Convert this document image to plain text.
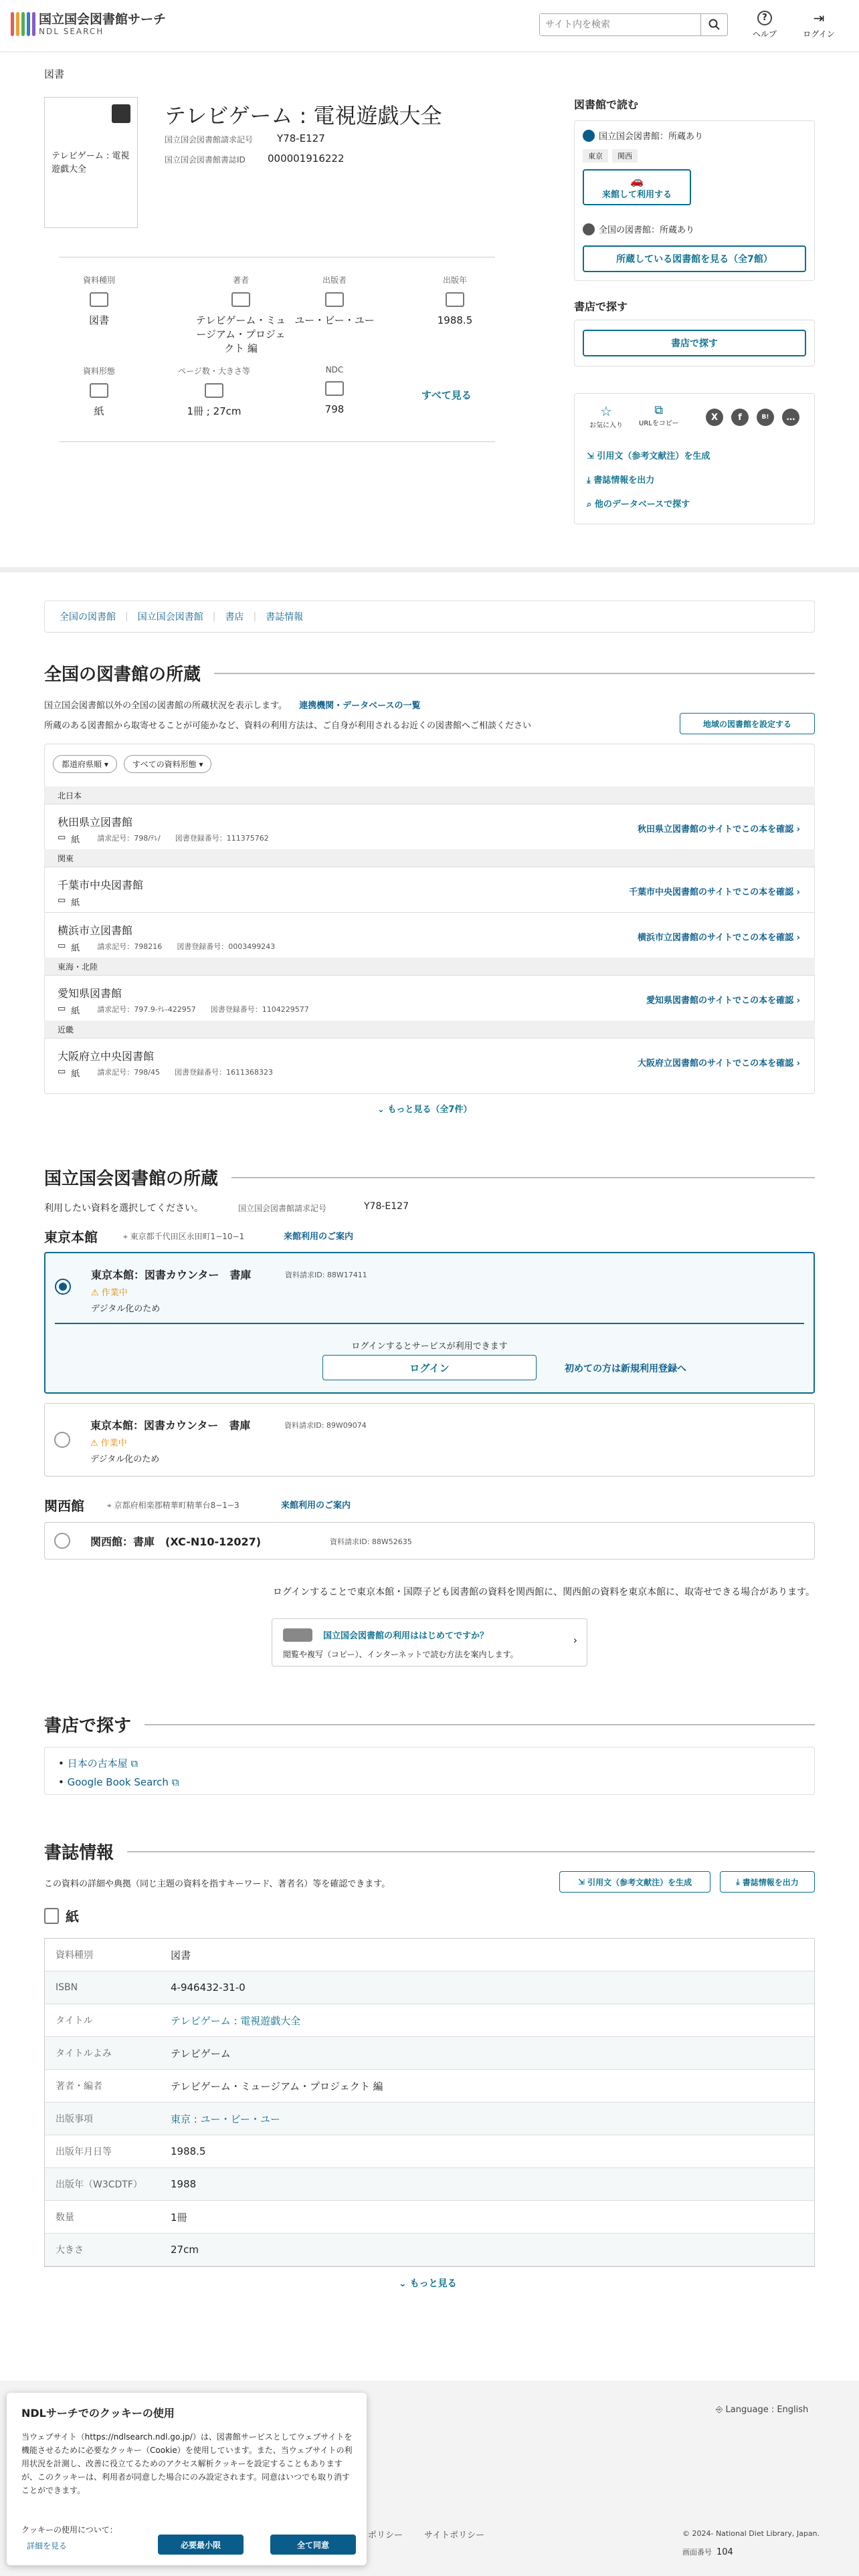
国立国会図書館サーチ
NDL SEARCH
サイト内を検索
?
ヘルプ
⇥
ログイン
図書
テレビゲーム : 電視遊戯大全
テレビゲーム : 電視遊戯大全
国立国会図書館請求記号 Y78-E127
国立国会図書館書誌ID 000001916222
資料種別
図書
著者
テレビゲーム・ミュージアム・プロジェクト 編
出版者
ユー・ビー・ユー
出版年
1988.5
資料形態
紙
ページ数・大きさ等
1冊 ; 27cm
NDC
798
すべて見る
図書館で読む
国立国会図書館：所蔵あり
東京	関西
🚗
来館して利用する
全国の図書館：所蔵あり
所蔵している図書館を見る（全7館）
書店で探す
書店で探す
☆
お気に入り
⧉
URLをコピー
X	f	B!	…
⇲ 引用文（参考文献注）を生成
⤓ 書誌情報を出力
⌕ 他のデータベースで探す
全国の図書館 | 国立国会図書館 | 書店 | 書誌情報
全国の図書館の所蔵
国立国会図書館以外の全国の図書館の所蔵状況を表示します。 連携機関・データベースの一覧
所蔵のある図書館から取寄せることが可能かなど、資料の利用方法は、ご自身が利用されるお近くの図書館へご相談ください	地域の図書館を設定する
都道府県順 ▾	すべての資料形態 ▾
北日本
秋田県立図書館
▭ 紙 請求記号：798/ﾃﾚ/ 図書登録番号：111375762
秋田県立図書館のサイトでこの本を確認 ›
関東
千葉市中央図書館
▭ 紙
千葉市中央図書館のサイトでこの本を確認 ›
横浜市立図書館
▭ 紙 請求記号：798216 図書登録番号：0003499243
横浜市立図書館のサイトでこの本を確認 ›
東海・北陸
愛知県図書館
▭ 紙 請求記号：797.9-ﾃﾚ-422957 図書登録番号：1104229577
愛知県図書館のサイトでこの本を確認 ›
近畿
大阪府立中央図書館
▭ 紙 請求記号：798/45 図書登録番号：1611368323
大阪府立図書館のサイトでこの本を確認 ›
⌄ もっと見る（全7件）
国立国会図書館の所蔵
利用したい資料を選択してください。	国立国会図書館請求記号	Y78-E127
東京本館	⌖ 東京都千代田区永田町1−10−1	来館利用のご案内
東京本館：図書カウンター　書庫	資料請求ID: 88W17411
⚠ 作業中
デジタル化のため
ログインするとサービスが利用できます
ログイン	初めての方は新規利用登録へ
東京本館：図書カウンター　書庫	資料請求ID: 89W09074
⚠ 作業中
デジタル化のため
関西館	⌖ 京都府相楽郡精華町精華台8−1−3	来館利用のご案内
関西館：書庫　(XC-N10-12027)	資料請求ID: 88W52635
ログインすることで東京本館・国際子ども図書館の資料を関西館に、関西館の資料を東京本館に、取寄せできる場合があります。
国立国会図書館の利用ははじめてですか？
閲覧や複写（コピー）、インターネットで読む方法を案内します。
›
書店で探す
• 日本の古本屋 ⧉
• Google Book Search ⧉
書誌情報
この資料の詳細や典拠（同じ主題の資料を指すキーワード、著者名）等を確認できます。	⇲ 引用文（参考文献注）を生成	⤓ 書誌情報を出力
紙
資料種別	図書
ISBN	4-946432-31-0
タイトル	テレビゲーム : 電視遊戯大全
タイトルよみ	テレビゲーム
著者・編者	テレビゲーム・ミュージアム・プロジェクト 編
出版事項	東京 : ユー・ビー・ユー
出版年月日等	1988.5
出版年（W3CDTF）	1988
数量	1冊
大きさ	27cm
⌄ もっと見る
⎆ Language : English
ポリシー サイトポリシー	© 2024- National Diet Library, Japan.
画面番号 104
NDLサーチでのクッキーの使用
当ウェブサイト（https://ndlsearch.ndl.go.jp/）は、図書館サービスとしてウェブサイトを機能させるために必要なクッキー（Cookie）を使用しています。また、当ウェブサイトの利用状況を計測し、改善に役立てるためのアクセス解析クッキーを設定することもありますが、このクッキーは、利用者が同意した場合にのみ設定されます。同意はいつでも取り消すことができます。
クッキーの使用について：
詳細を見る	必要最小限	全て同意
